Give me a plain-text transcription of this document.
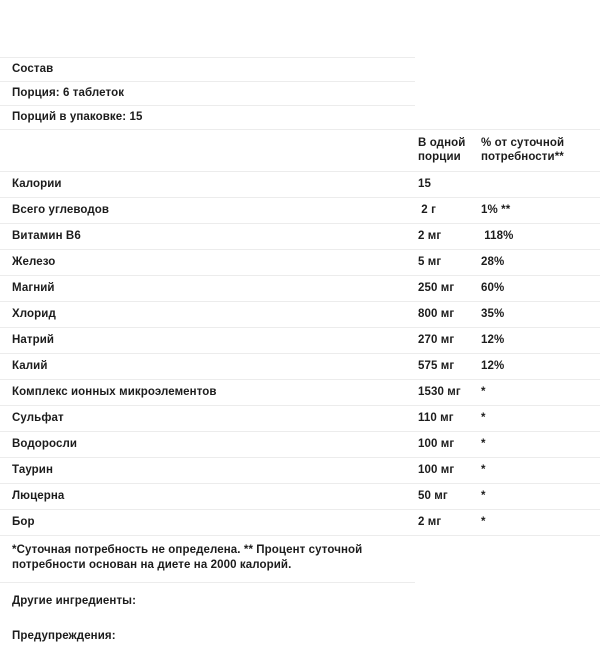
Состав
Порция: 6 таблеток
Порций в упаковке: 15
В одной порции
% от суточной потребности**
Калории	15
Всего углеводов	2 г	1% **
Витамин B6	2 мг	118%
Железо	5 мг	28%
Магний	250 мг	60%
Хлорид	800 мг	35%
Натрий	270 мг	12%
Калий	575 мг	12%
Комплекс ионных микроэлементов	1530 мг	*
Сульфат	110 мг	*
Водоросли	100 мг	*
Таурин	100 мг	*
Люцерна	50 мг	*
Бор	2 мг	*
*Суточная потребность не определена. ** Процент суточной потребности основан на диете на 2000 калорий.
Другие ингредиенты:
Предупреждения:
